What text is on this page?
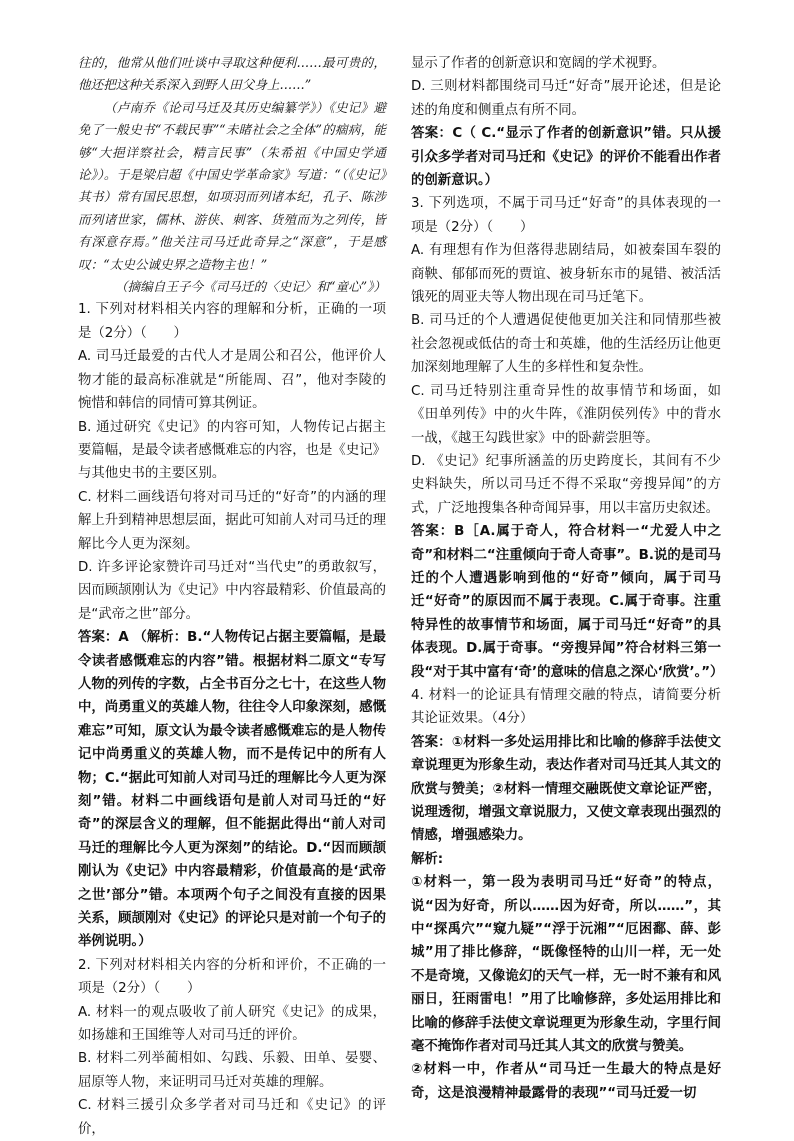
往的，他常从他们吐谈中寻取这种便利……最可贵的，他还把这种关系深入到野人田父身上……”

（卢南乔《论司马迁及其历史编纂学》）《史记》避免了一般史书“不载民事”“未睹社会之全体”的痼病，能够“大挹详察社会，精言民事”（朱希祖《中国史学通论》）。于是梁启超《中国史学革命家》写道：“（《史记》其书）常有国民思想，如项羽而列诸本纪，孔子、陈涉而列诸世家，儒林、游侠、刺客、货殖而为之列传，皆有深意存焉。”他关注司马迁此奇异之“深意”，于是感叹：“太史公诚史界之造物主也！”

（摘编自王子今《司马迁的〈史记〉和“童心”》）

1. 下列对材料相关内容的理解和分析，正确的一项是（2分）（　　）

A. 司马迁最爱的古代人才是周公和召公，他评价人物才能的最高标准就是“所能周、召”，他对李陵的惋惜和韩信的同情可算其例证。

B. 通过研究《史记》的内容可知，人物传记占据主要篇幅，是最令读者感慨难忘的内容，也是《史记》与其他史书的主要区别。

C. 材料二画线语句将对司马迁的“好奇”的内涵的理解上升到精神思想层面，据此可知前人对司马迁的理解比今人更为深刻。

D. 许多评论家赞许司马迁对“当代史”的勇敢叙写，因而顾颉刚认为《史记》中内容最精彩、价值最高的是“武帝之世”部分。

答案：A （解析：B.“人物传记占据主要篇幅，是最令读者感慨难忘的内容”错。根据材料二原文“专写人物的列传的字数，占全书百分之七十，在这些人物中，尚勇重义的英雄人物，往往令人印象深刻，感慨难忘”可知，原文认为最令读者感慨难忘的是人物传记中尚勇重义的英雄人物，而不是传记中的所有人物；C.“据此可知前人对司马迁的理解比今人更为深刻”错。材料二中画线语句是前人对司马迁的“好奇”的深层含义的理解，但不能据此得出“前人对司马迁的理解比今人更为深刻”的结论。D.“因而顾颉刚认为《史记》中内容最精彩，价值最高的是‘武帝之世’部分”错。本项两个句子之间没有直接的因果关系，顾颉刚对《史记》的评论只是对前一个句子的举例说明。）

2. 下列对材料相关内容的分析和评价，不正确的一项是（2分）（　　）

A. 材料一的观点吸收了前人研究《史记》的成果，如扬雄和王国维等人对司马迁的评价。

B. 材料二列举蔺相如、勾践、乐毅、田单、晏婴、屈原等人物，来证明司马迁对英雄的理解。

C. 材料三援引众多学者对司马迁和《史记》的评价，

显示了作者的创新意识和宽阔的学术视野。

D. 三则材料都围绕司马迁“好奇”展开论述，但是论述的角度和侧重点有所不同。

答案：C（ C.“显示了作者的创新意识”错。只从援引众多学者对司马迁和《史记》的评价不能看出作者的创新意识。）

3. 下列选项，不属于司马迁“好奇”的具体表现的一项是（2分）（　　）

A. 有理想有作为但落得悲剧结局，如被秦国车裂的商鞅、郁郁而死的贾谊、被身斩东市的晁错、被活活饿死的周亚夫等人物出现在司马迁笔下。

B. 司马迁的个人遭遇促使他更加关注和同情那些被社会忽视或低估的奇士和英雄，他的生活经历让他更加深刻地理解了人生的多样性和复杂性。

C. 司马迁特别注重奇异性的故事情节和场面，如《田单列传》中的火牛阵，《淮阴侯列传》中的背水一战，《越王勾践世家》中的卧薪尝胆等。

D. 《史记》纪事所涵盖的历史跨度长，其间有不少史料缺失，所以司马迁不得不采取“旁搜异闻”的方式，广泛地搜集各种奇闻异事，用以丰富历史叙述。

答案：B［A.属于奇人，符合材料一“尤爱人中之奇”和材料二“注重倾向于奇人奇事”。B.说的是司马迁的个人遭遇影响到他的“好奇”倾向，属于司马迁“好奇”的原因而不属于表现。C.属于奇事。注重特异性的故事情节和场面，属于司马迁“好奇”的具体表现。D.属于奇事。“旁搜异闻”符合材料三第一段“对于其中富有‘奇’的意味的信息之深心‘欣赏’。”）

4. 材料一的论证具有情理交融的特点，请简要分析其论证效果。（4分）

答案：①材料一多处运用排比和比喻的修辞手法使文章说理更为形象生动，表达作者对司马迁其人其文的欣赏与赞美；②材料一情理交融既使文章论证严密，说理透彻，增强文章说服力，又使文章表现出强烈的情感，增强感染力。

解析:

①材料一，第一段为表明司马迁“好奇”的特点，说“因为好奇，所以……因为好奇，所以……”，其中“探禹穴”“窥九疑”“浮于沅湘”“厄困鄱、薛、彭城”用了排比修辞，“既像怪特的山川一样，无一处不是奇境，又像诡幻的天气一样，无一时不兼有和风丽日，狂雨雷电！”用了比喻修辞，多处运用排比和比喻的修辞手法使文章说理更为形象生动，字里行间毫不掩饰作者对司马迁其人其文的欣赏与赞美。

②材料一中，作者从“司马迁一生最大的特点是好奇，这是浪漫精神最露骨的表现”“司马迁爱一切
